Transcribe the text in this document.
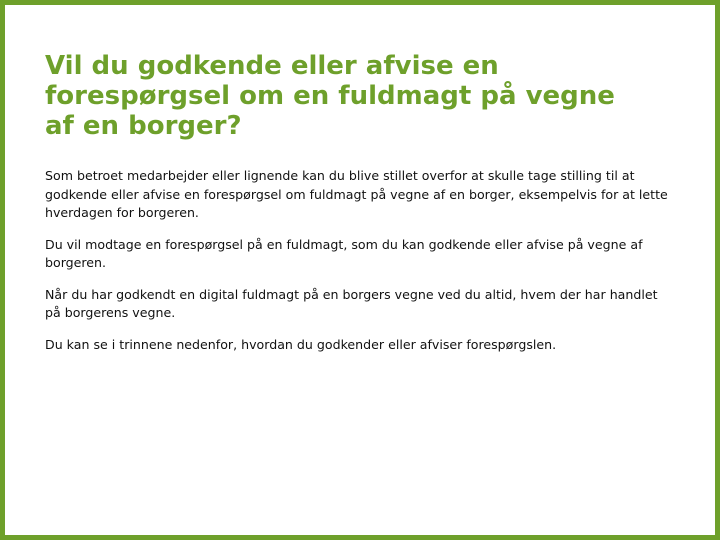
Vil du godkende eller afvise en forespørgsel om en fuldmagt på vegne af en borger?

Som betroet medarbejder eller lignende kan du blive stillet overfor at skulle tage stilling til at godkende eller afvise en forespørgsel om fuldmagt på vegne af en borger, eksempelvis for at lette hverdagen for borgeren.

Du vil modtage en forespørgsel på en fuldmagt, som du kan godkende eller afvise på vegne af borgeren.

Når du har godkendt en digital fuldmagt på en borgers vegne ved du altid, hvem der har handlet på borgerens vegne.

Du kan se i trinnene nedenfor, hvordan du godkender eller afviser forespørgslen.
